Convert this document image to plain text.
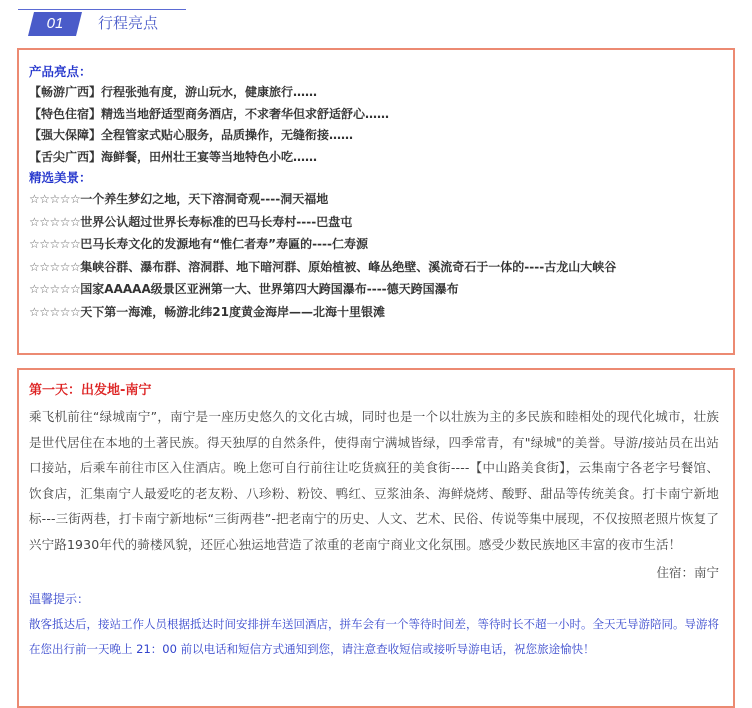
01	行程亮点
产品亮点：
【畅游广西】行程张弛有度，游山玩水，健康旅行……
【特色住宿】精选当地舒适型商务酒店，不求奢华但求舒适舒心……
【强大保障】全程管家式贴心服务，品质操作，无缝衔接……
【舌尖广西】海鲜餐，田州壮王宴等当地特色小吃……
精选美景：
☆☆☆☆☆一个养生梦幻之地，天下溶洞奇观----洞天福地
☆☆☆☆☆世界公认超过世界长寿标准的巴马长寿村----巴盘屯
☆☆☆☆☆巴马长寿文化的发源地有“惟仁者寿”寿匾的----仁寿源
☆☆☆☆☆集峡谷群、瀑布群、溶洞群、地下暗河群、原始植被、峰丛绝壁、溪流奇石于一体的----古龙山大峡谷
☆☆☆☆☆国家AAAAA级景区亚洲第一大、世界第四大跨国瀑布----德天跨国瀑布
☆☆☆☆☆天下第一海滩，畅游北纬21度黄金海岸——北海十里银滩
第一天：出发地-南宁
乘飞机前往“绿城南宁”，南宁是一座历史悠久的文化古城，同时也是一个以壮族为主的多民族和睦相处的现代化城市，壮族是世代居住在本地的土著民族。得天独厚的自然条件，使得南宁满城皆绿，四季常青，有"绿城"的美誉。导游/接站员在出站口接站，后乘车前往市区入住酒店。晚上您可自行前往让吃货疯狂的美食街----【中山路美食街】，云集南宁各老字号餐馆、饮食店，汇集南宁人最爱吃的老友粉、八珍粉、粉饺、鸭红、豆浆油条、海鲜烧烤、酸野、甜品等传统美食。打卡南宁新地标---三街两巷，打卡南宁新地标“三街两巷”-把老南宁的历史、人文、艺术、民俗、传说等集中展现，不仅按照老照片恢复了兴宁路1930年代的骑楼风貌，还匠心独运地营造了浓重的老南宁商业文化氛围。感受少数民族地区丰富的夜市生活！
住宿：南宁
温馨提示：
散客抵达后，接站工作人员根据抵达时间安排拼车送回酒店，拼车会有一个等待时间差，等待时长不超一小时。全天无导游陪同。导游将在您出行前一天晚上 21：00 前以电话和短信方式通知到您，请注意查收短信或接听导游电话，祝您旅途愉快！
